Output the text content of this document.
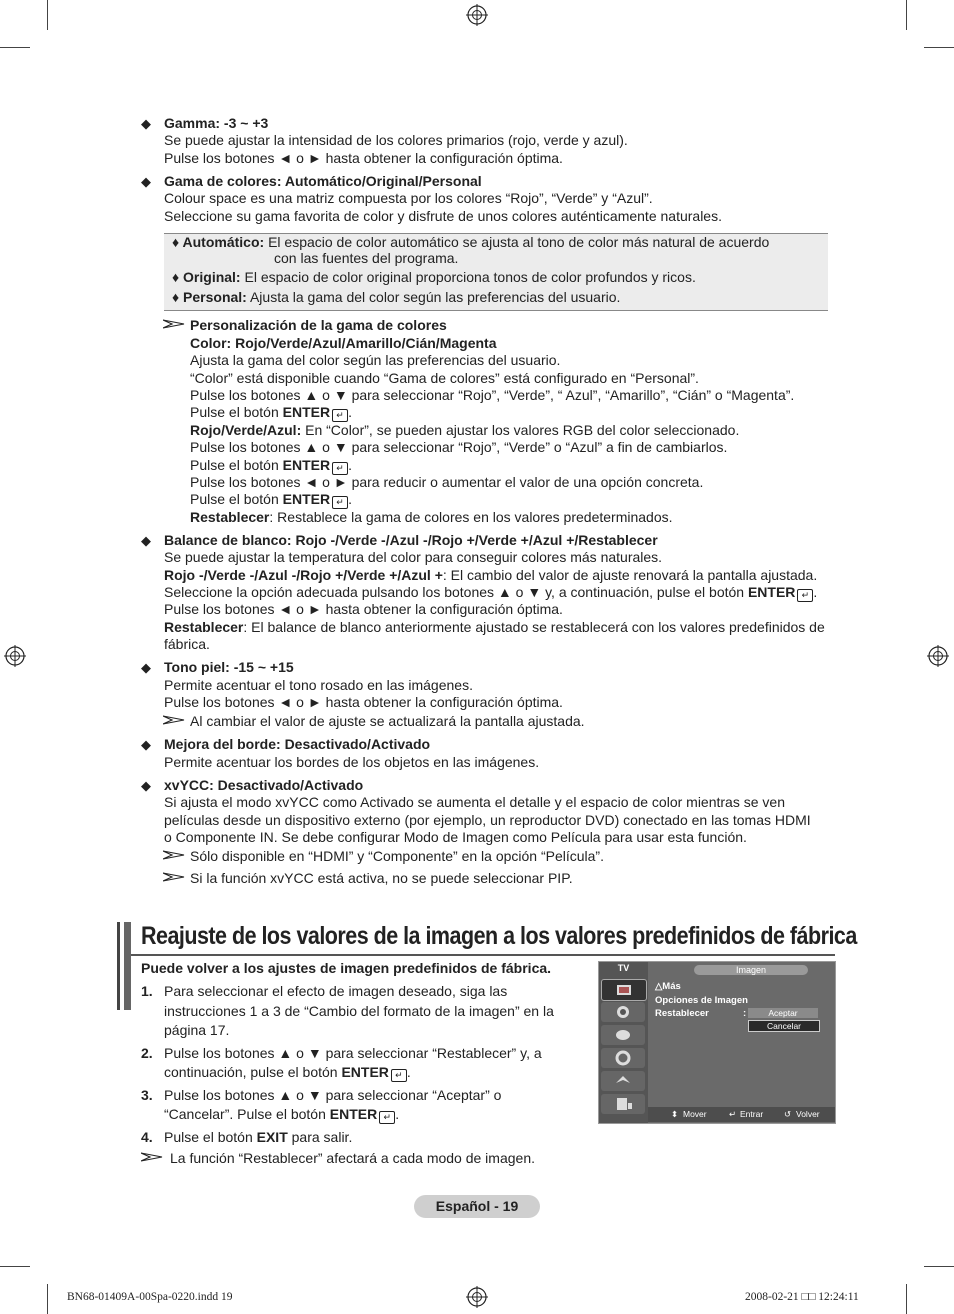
◆ Gamma: -3 ~ +3
Se puede ajustar la intensidad de los colores primarios (rojo, verde y azul).
Pulse los botones ◄ o ► hasta obtener la configuración óptima.
◆ Gama de colores: Automático/Original/Personal
Colour space es una matriz compuesta por los colores “Rojo”, “Verde” y “Azul”.
Seleccione su gama favorita de color y disfrute de unos colores auténticamente naturales.
♦ Automático: El espacio de color automático se ajusta al tono de color más natural de acuerdo
con las fuentes del programa.
♦ Original: El espacio de color original proporciona tonos de color profundos y ricos.
♦ Personal: Ajusta la gama del color según las preferencias del usuario.
Personalización de la gama de colores
Color: Rojo/Verde/Azul/Amarillo/Cián/Magenta
Ajusta la gama del color según las preferencias del usuario.
“Color” está disponible cuando “Gama de colores” está configurado en “Personal”.
Pulse los botones ▲ o ▼ para seleccionar “Rojo”, “Verde”, “ Azul”, “Amarillo”, “Cián” o “Magenta”.
Pulse el botón ENTER ↵ .
Rojo/Verde/Azul: En “Color”, se pueden ajustar los valores RGB del color seleccionado.
Pulse los botones ▲ o ▼ para seleccionar “Rojo”, “Verde” o “Azul” a fin de cambiarlos.
Pulse el botón ENTER ↵ .
Pulse los botones ◄ o ► para reducir o aumentar el valor de una opción concreta.
Pulse el botón ENTER ↵ .
Restablecer: Restablece la gama de colores en los valores predeterminados.
◆ Balance de blanco: Rojo -/Verde -/Azul -/Rojo +/Verde +/Azul +/Restablecer
Se puede ajustar la temperatura del color para conseguir colores más naturales.
Rojo -/Verde -/Azul -/Rojo +/Verde +/Azul +: El cambio del valor de ajuste renovará la pantalla ajustada.
Seleccione la opción adecuada pulsando los botones ▲ o ▼ y, a continuación, pulse el botón ENTER ↵ .
Pulse los botones ◄ o ► hasta obtener la configuración óptima.
Restablecer: El balance de blanco anteriormente ajustado se restablecerá con los valores predefinidos de
fábrica.
◆ Tono piel: -15 ~ +15
Permite acentuar el tono rosado en las imágenes.
Pulse los botones ◄ o ► hasta obtener la configuración óptima.
Al cambiar el valor de ajuste se actualizará la pantalla ajustada.
◆ Mejora del borde: Desactivado/Activado
Permite acentuar los bordes de los objetos en las imágenes.
◆ xvYCC: Desactivado/Activado
Si ajusta el modo xvYCC como Activado se aumenta el detalle y el espacio de color mientras se ven
películas desde un dispositivo externo (por ejemplo, un reproductor DVD) conectado en las tomas HDMI
o Componente IN. Se debe configurar Modo de Imagen como Película para usar esta función.
Sólo disponible en “HDMI” y “Componente” en la opción “Película”.
Si la función xvYCC está activa, no se puede seleccionar PIP.
Reajuste de los valores de la imagen a los valores predefinidos de fábrica
Puede volver a los ajustes de imagen predefinidos de fábrica.
1. Para seleccionar el efecto de imagen deseado, siga las
instrucciones 1 a 3 de “Cambio del formato de la imagen” en la
página 17.
2. Pulse los botones ▲ o ▼ para seleccionar “Restablecer” y, a
continuación, pulse el botón ENTER ↵ .
3. Pulse los botones ▲ o ▼ para seleccionar “Aceptar” o
“Cancelar”. Pulse el botón ENTER ↵ .
4. Pulse el botón EXIT para salir.
La función “Restablecer” afectará a cada modo de imagen.
TV	Imagen
△Más
Opciones de Imagen
Restablecer	:	Aceptar
Cancelar
⬍ Mover	↵ Entrar ↺ Volver
Español - 19
BN68-01409A-00Spa-0220.indd 19	2008-02-21 □□ 12:24:11
